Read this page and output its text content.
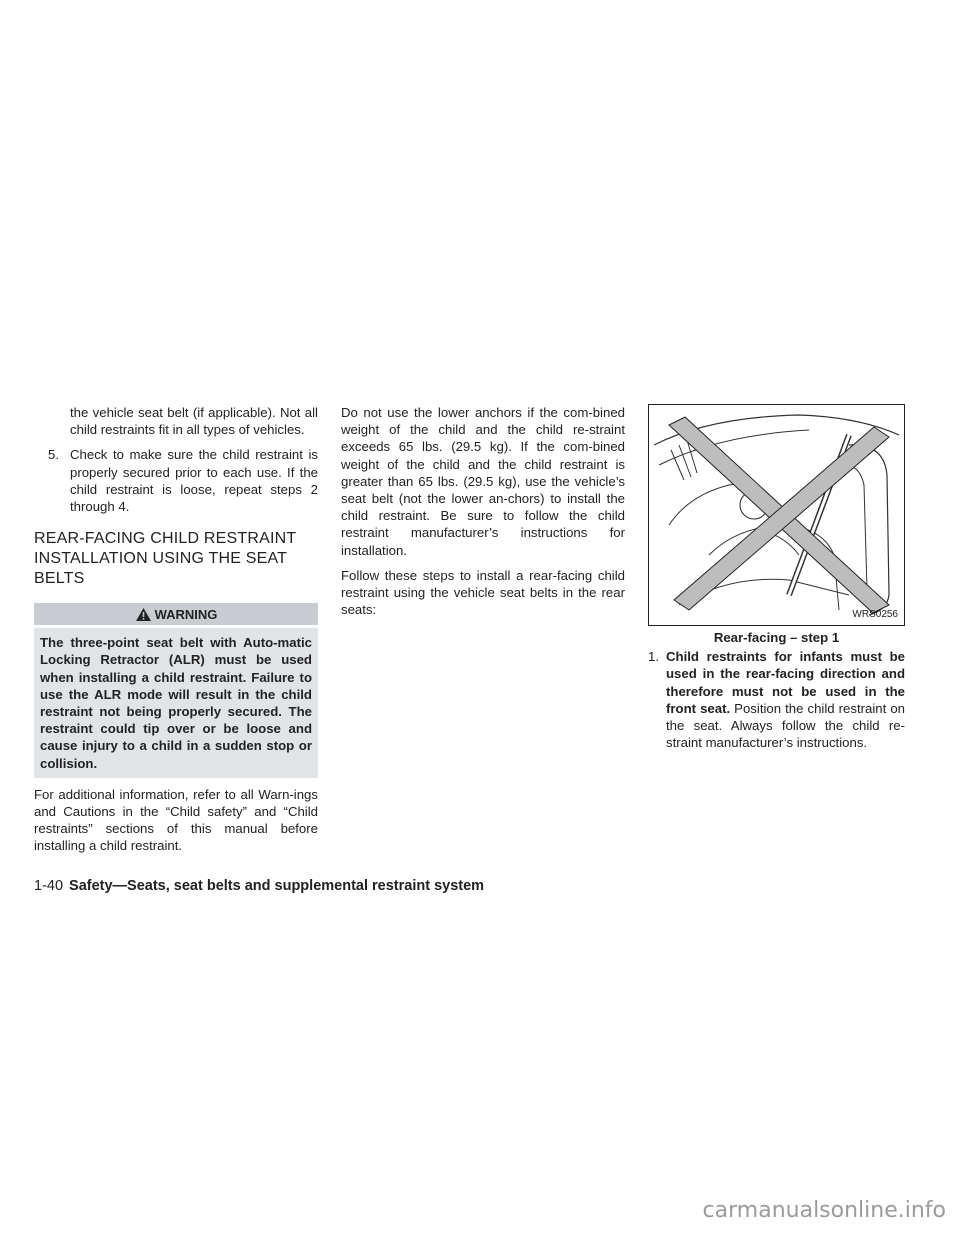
the vehicle seat belt (if applicable). Not all child restraints fit in all types of vehicles.

5. Check to make sure the child restraint is properly secured prior to each use. If the child restraint is loose, repeat steps 2 through 4.

REAR-FACING CHILD RESTRAINT INSTALLATION USING THE SEAT BELTS
WARNING
The three-point seat belt with Auto-matic Locking Retractor (ALR) must be used when installing a child restraint. Failure to use the ALR mode will result in the child restraint not being properly secured. The restraint could tip over or be loose and cause injury to a child in a sudden stop or collision.

For additional information, refer to all Warn-ings and Cautions in the “Child safety” and “Child restraints” sections of this manual before installing a child restraint.

Do not use the lower anchors if the com-bined weight of the child and the child re-straint exceeds 65 lbs. (29.5 kg). If the com-bined weight of the child and the child restraint is greater than 65 lbs. (29.5 kg), use the vehicle’s seat belt (not the lower an-chors) to install the child restraint. Be sure to follow the child restraint manufacturer’s instructions for installation.

Follow these steps to install a rear-facing child restraint using the vehicle seat belts in the rear seats:	WRS0256
Rear-facing – step 1
1. Child restraints for infants must be used in the rear-facing direction and therefore must not be used in the front seat. Position the child restraint on the seat. Always follow the child re-straint manufacturer’s instructions.
1-40 Safety—Seats, seat belts and supplemental restraint system
carmanualsonline.info
